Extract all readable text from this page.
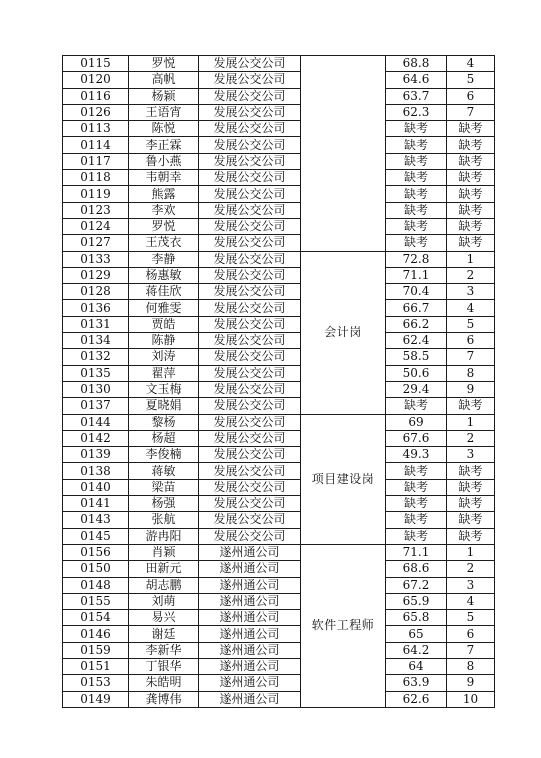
0115	罗悦	发展公交公司		68.8	4
0120	高帆	发展公交公司		64.6	5
0116	杨颖	发展公交公司		63.7	6
0126	王语宵	发展公交公司		62.3	7
0113	陈悦	发展公交公司		缺考	缺考
0114	李正霖	发展公交公司		缺考	缺考
0117	鲁小燕	发展公交公司		缺考	缺考
0118	韦朝幸	发展公交公司		缺考	缺考
0119	熊露	发展公交公司		缺考	缺考
0123	李欢	发展公交公司		缺考	缺考
0124	罗悦	发展公交公司		缺考	缺考
0127	王茂衣	发展公交公司		缺考	缺考
0133	李静	发展公交公司	会计岗	72.8	1
0129	杨惠敏	发展公交公司		71.1	2
0128	蒋佳欣	发展公交公司		70.4	3
0136	何雅雯	发展公交公司		66.7	4
0131	贾皓	发展公交公司		66.2	5
0134	陈静	发展公交公司		62.4	6
0132	刘涛	发展公交公司		58.5	7
0135	翟萍	发展公交公司		50.6	8
0130	文玉梅	发展公交公司		29.4	9
0137	夏晓娟	发展公交公司		缺考	缺考
0144	黎杨	发展公交公司	项目建设岗	69	1
0142	杨超	发展公交公司		67.6	2
0139	李俊楠	发展公交公司		49.3	3
0138	蒋敏	发展公交公司		缺考	缺考
0140	梁苗	发展公交公司		缺考	缺考
0141	杨强	发展公交公司		缺考	缺考
0143	张航	发展公交公司		缺考	缺考
0145	游冉阳	发展公交公司		缺考	缺考
0156	肖颖	遂州通公司	软件工程师	71.1	1
0150	田新元	遂州通公司		68.6	2
0148	胡志鹏	遂州通公司		67.2	3
0155	刘萌	遂州通公司		65.9	4
0154	易兴	遂州通公司		65.8	5
0146	谢廷	遂州通公司		65	6
0159	李新华	遂州通公司		64.2	7
0151	丁银华	遂州通公司		64	8
0153	朱皓明	遂州通公司		63.9	9
0149	龚博伟	遂州通公司		62.6	10
